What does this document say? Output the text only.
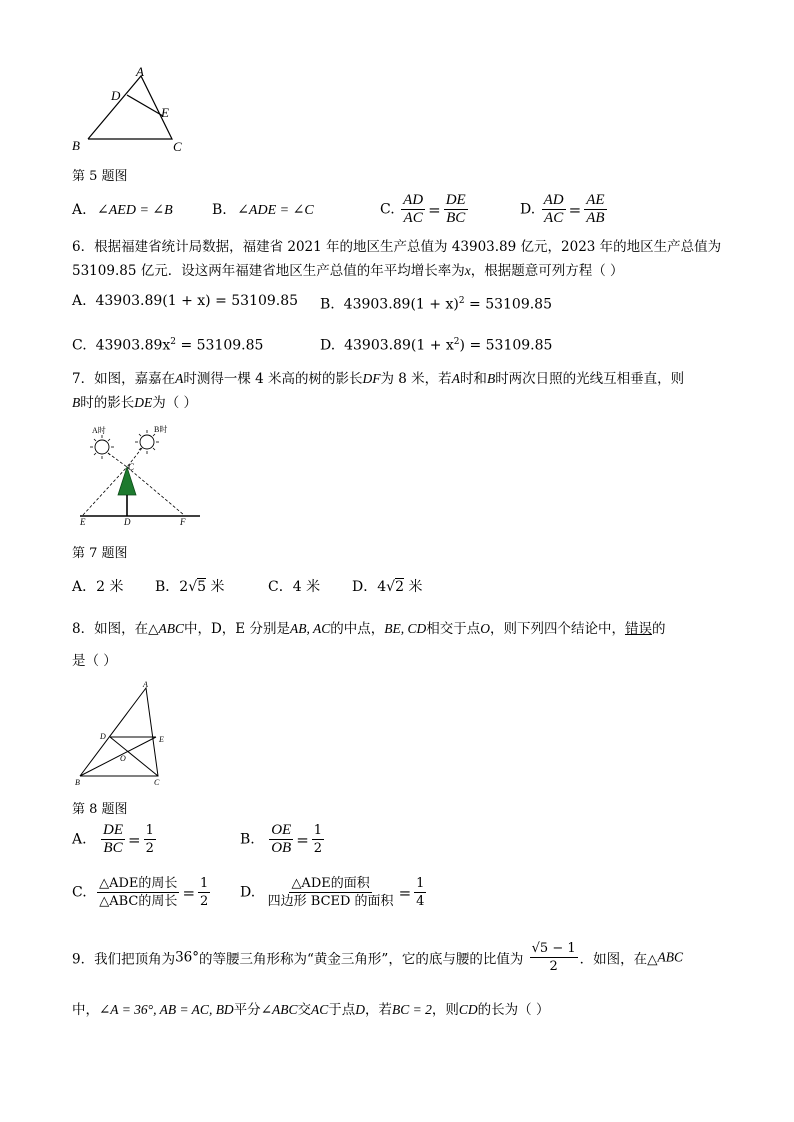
A
D
E
B	C
第 5 题图
A. ∠AED = ∠B	B. ∠ADE = ∠C	C. $\frac{AD}{AC} = \frac{DE}{BC}$	D. $\frac{AD}{AC} = \frac{AE}{AB}$
6．根据福建省统计局数据，福建省 2021 年的地区生产总值为 43903.89 亿元，2023 年的地区生产总值为
53109.85 亿元．设这两年福建省地区生产总值的年平均增长率为x，根据题意可列方程（ ）
A. 43903.89(1 + x) = 53109.85 B. $43903.89(1 + x)^2 = 53109.85$
C. $43903.89x^2 = 53109.85$	D. $43903.89(1 + x^2) = 53109.85$
7．如图，嘉嘉在A时测得一棵 4 米高的树的影长DF为 8 米，若A时和B时两次日照的光线互相垂直，则
B时的影长DE为（ ）
A时	B时
C
E	D	F
第 7 题图
A．2 米 B．2√5 米	C．4 米 D．4√2 米
8．如图，在△ABC中，D，E 分别是AB, AC的中点，BE, CD相交于点O，则下列四个结论中，错误的
是（ ）
A
D	E
O
B	C
第 8 题图
A. $\frac{DE}{BC} = \frac{1}{2}$	B. $\frac{OE}{OB} = \frac{1}{2}$
C. $\frac{\text{△ADE的周长}}{\text{△ABC的周长}} = \frac{1}{2} D$. $\frac{\text{△ADE的面积}}{\text{四边形 BCED 的面积}} = \frac{1}{4}$
9．我们把顶角为36°的等腰三角形称为“黄金三角形”，它的底与腰的比值为 $\frac{√5 - 1}{2}$ ．如图，在△ABC
中，∠A = 36°, AB = AC, BD平分∠ABC交AC于点D，若BC = 2，则CD的长为（ ）
